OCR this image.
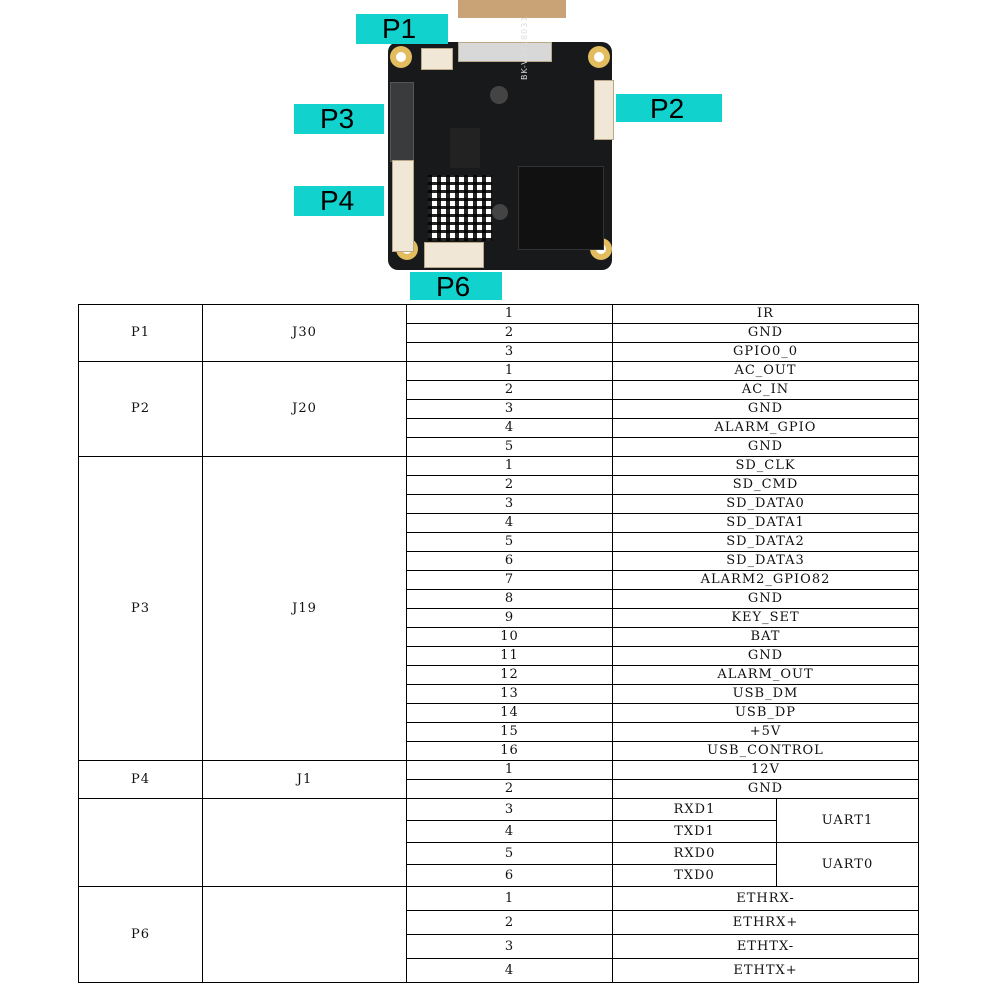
BK-V2018031
P1
P2
P3
P4
P6
P1	J30	1	IR	
		2	GND	
		3	GPIO0_0	
P2	J20	1	AC_OUT	
		2	AC_IN	
		3	GND	
		4	ALARM_GPIO	
		5	GND	
P3	J19	1	SD_CLK	
		2	SD_CMD	
		3	SD_DATA0	
		4	SD_DATA1	
		5	SD_DATA2	
		6	SD_DATA3	
		7	ALARM2_GPIO82	
		8	GND	
		9	KEY_SET	
		10	BAT	
		11	GND	
		12	ALARM_OUT	
		13	USB_DM	
		14	USB_DP	
		15	+5V	
		16	USB_CONTROL	
P4	J1	1	12V	
		2	GND	
		3	RXD1	UART1
		4	TXD1	
		5	RXD0	UART0
		6	TXD0	
P6		1	ETHRX-	
		2	ETHRX+	
		3	ETHTX-	
		4	ETHTX+	
